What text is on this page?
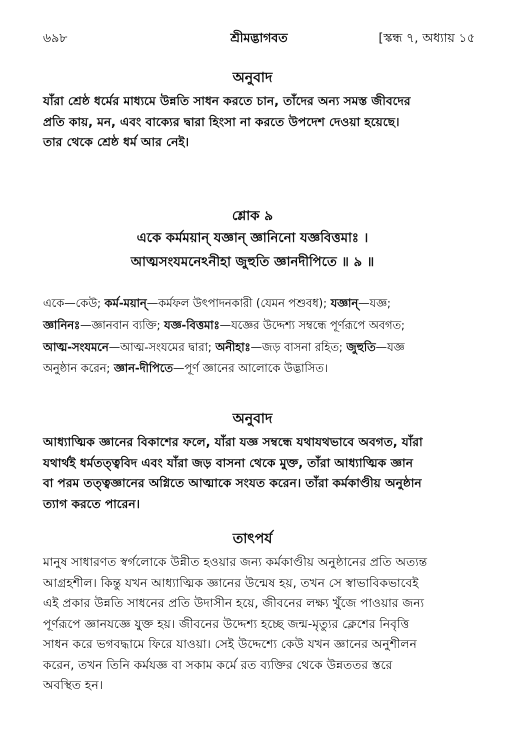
৬৯৮	শ্রীমদ্ভাগবত	[স্কন্ধ ৭, অধ্যায় ১৫
অনুবাদ
যাঁরা শ্রেষ্ঠ ধর্মের মাধ্যমে উন্নতি সাধন করতে চান, তাঁদের অন্য সমস্ত জীবদের
প্রতি কায়, মন, এবং বাক্যের দ্বারা হিংসা না করতে উপদেশ দেওয়া হয়েছে।
তার থেকে শ্রেষ্ঠ ধর্ম আর নেই।
শ্লোক ৯
একে কর্মময়ান্ যজ্ঞান্ জ্ঞানিনো যজ্ঞবিত্তমাঃ ।
আত্মসংযমনেঽনীহা জুহুতি জ্ঞানদীপিতে ॥ ৯ ॥
একে—কেউ; কর্ম-ময়ান্—কর্মফল উৎপাদনকারী (যেমন পশুবধ); যজ্ঞান্—যজ্ঞ;
জ্ঞানিনঃ—জ্ঞানবান ব্যক্তি; যজ্ঞ-বিত্তমাঃ—যজ্ঞের উদ্দেশ্য সম্বন্ধে পূর্ণরূপে অবগত;
আত্ম-সংযমনে—আত্ম-সংযমের দ্বারা; অনীহাঃ—জড় বাসনা রহিত; জুহুতি—যজ্ঞ
অনুষ্ঠান করেন; জ্ঞান-দীপিতে—পূর্ণ জ্ঞানের আলোকে উদ্ভাসিত।
অনুবাদ
আধ্যাত্মিক জ্ঞানের বিকাশের ফলে, যাঁরা যজ্ঞ সম্বন্ধে যথাযথভাবে অবগত, যাঁরা
যথার্থই ধর্মতত্ত্ববিদ এবং যাঁরা জড় বাসনা থেকে মুক্ত, তাঁরা আধ্যাত্মিক জ্ঞান
বা পরম তত্ত্বজ্ঞানের অগ্নিতে আত্মাকে সংযত করেন। তাঁরা কর্মকাণ্ডীয় অনুষ্ঠান
ত্যাগ করতে পারেন।
তাৎপর্য
মানুষ সাধারণত স্বর্গলোকে উন্নীত হওয়ার জন্য কর্মকাণ্ডীয় অনুষ্ঠানের প্রতি অত্যন্ত
আগ্রহশীল। কিন্তু যখন আধ্যাত্মিক জ্ঞানের উন্মেষ হয়, তখন সে স্বাভাবিকভাবেই
এই প্রকার উন্নতি সাধনের প্রতি উদাসীন হয়ে, জীবনের লক্ষ্য খুঁজে পাওয়ার জন্য
পূর্ণরূপে জ্ঞানযজ্ঞে যুক্ত হয়। জীবনের উদ্দেশ্য হচ্ছে জন্ম-মৃত্যুর ক্লেশের নিবৃত্তি
সাধন করে ভগবদ্ধামে ফিরে যাওয়া। সেই উদ্দেশ্যে কেউ যখন জ্ঞানের অনুশীলন
করেন, তখন তিনি কর্মযজ্ঞ বা সকাম কর্মে রত ব্যক্তির থেকে উন্নততর স্তরে
অবস্থিত হন।
